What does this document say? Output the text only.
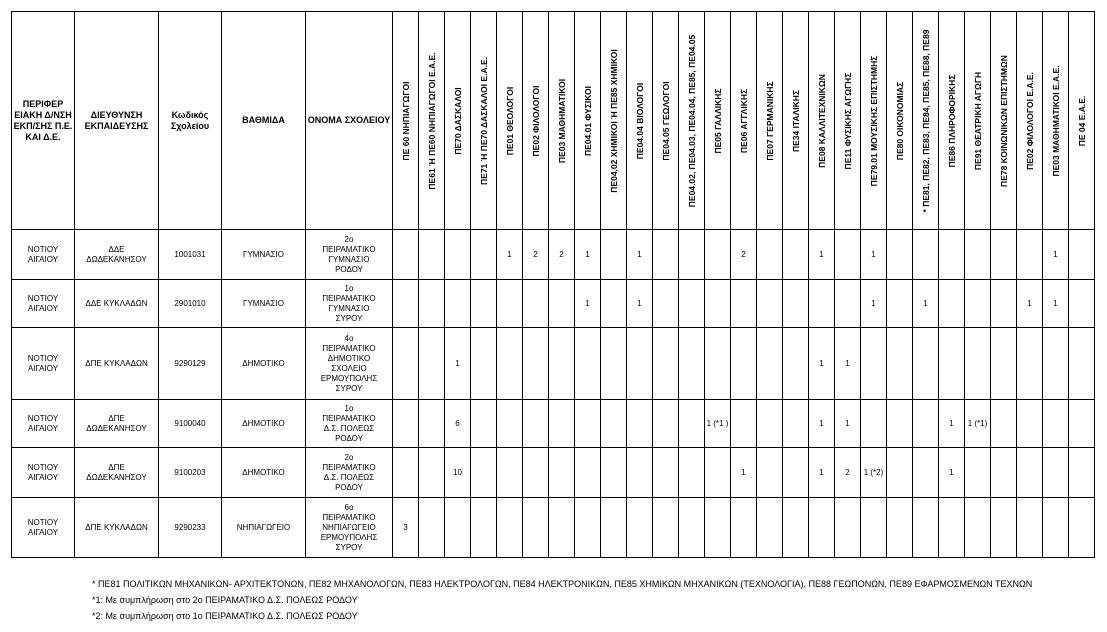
ΠΕΡΙΦΕΡ ΕΙΑΚΗ Δ/ΝΣΗ ΕΚΠ/ΣΗΣ Π.Ε. ΚΑΙ Δ.Ε.	ΔΙΕΥΘΥΝΣΗ ΕΚΠΑΙΔΕΥΣΗΣ	Κωδικός Σχολείου	ΒΑΘΜΙΔΑ	ΟΝΟΜΑ ΣΧΟΛΕΙΟΥ	ΠΕ 60 ΝΗΠΙΑΓΩΓΟΙ	ΠΕ61 Ή ΠΕ60 ΝΗΠΙΑΓΩΓΟΙ Ε.Α.Ε.	ΠΕ70 ΔΑΣΚΑΛΟΙ	ΠΕ71 Ή ΠΕ70 ΔΑΣΚΑΛΟΙ Ε.Α.Ε.	ΠΕ01 ΘΕΟΛΟΓΟΙ	ΠΕ02 ΦΙΛΟΛΟΓΟΙ	ΠΕ03 ΜΑΘΗΜΑΤΙΚΟΙ	ΠΕ04.01 ΦΥΣΙΚΟΙ	ΠΕ04.02 ΧΗΜΙΚΟΙ Ή ΠΕ85 ΧΗΜΙΚΟΙ	ΠΕ04.04 ΒΙΟΛΟΓΟΙ	ΠΕ04.05 ΓΕΩΛΟΓΟΙ	ΠΕ04.02, ΠΕ04.03, ΠΕ04.04, ΠΕ85, ΠΕ04.05	ΠΕ05 ΓΑΛΛΙΚΗΣ	ΠΕ06 ΑΓΓΛΙΚΗΣ	ΠΕ07 ΓΕΡΜΑΝΙΚΗΣ	ΠΕ34 ΙΤΑΛΙΚΗΣ	ΠΕ08 ΚΑΛΛΙΤΕΧΝΙΚΩΝ	ΠΕ11 ΦΥΣΙΚΗΣ ΑΓΩΓΗΣ	ΠΕ79.01 ΜΟΥΣΙΚΗΣ ΕΠΙΣΤΗΜΗΣ	ΠΕ80 ΟΙΚΟΝΟΜΙΑΣ	* ΠΕ81, ΠΕ82, ΠΕ83, ΠΕ84, ΠΕ85, ΠΕ88, ΠΕ89	ΠΕ86 ΠΛΗΡΟΦΟΡΙΚΗΣ	ΠΕ91 ΘΕΑΤΡΙΚΗ ΑΓΩΓΗ	ΠΕ78 ΚΟΙΝΩΝΙΚΩΝ ΕΠΙΣΤΗΜΩΝ	ΠΕ02 ΦΙΛΟΛΟΓΟΙ Ε.Α.Ε.	ΠΕ03 ΜΑΘΗΜΑΤΙΚΟΙ Ε.Α.Ε.	ΠΕ 04 Ε.Α.Ε.

ΝΟΤΙΟΥ ΑΙΓΑΙΟΥ	ΔΔΕ ΔΩΔΕΚΑΝΗΣΟΥ	1001031	ΓΥΜΝΑΣΙΟ	2ο ΠΕΙΡΑΜΑΤΙΚΟ ΓΥΜΝΑΣΙΟ ΡΟΔΟΥ					1	2	2	1		1				2			1		1							1	
ΝΟΤΙΟΥ ΑΙΓΑΙΟΥ	ΔΔΕ ΚΥΚΛΑΔΩΝ	2901010	ΓΥΜΝΑΣΙΟ	1ο ΠΕΙΡΑΜΑΤΙΚΟ ΓΥΜΝΑΣΙΟ ΣΥΡΟΥ								1		1									1		1				1	1	
ΝΟΤΙΟΥ ΑΙΓΑΙΟΥ	ΔΠΕ ΚΥΚΛΑΔΩΝ	9290129	ΔΗΜΟΤΙΚΟ	4ο ΠΕΙΡΑΜΑΤΙΚΟ ΔΗΜΟΤΙΚΟ ΣΧΟΛΕΙΟ ΕΡΜΟΥΠΟΛΗΣ ΣΥΡΟΥ			1														1	1									
ΝΟΤΙΟΥ ΑΙΓΑΙΟΥ	ΔΠΕ ΔΩΔΕΚΑΝΗΣΟΥ	9100040	ΔΗΜΟΤΙΚΟ	1ο ΠΕΙΡΑΜΑΤΙΚΟ Δ.Σ. ΠΟΛΕΩΣ ΡΟΔΟΥ			6										1 (*1 )				1	1				1	1 (*1)				
ΝΟΤΙΟΥ ΑΙΓΑΙΟΥ	ΔΠΕ ΔΩΔΕΚΑΝΗΣΟΥ	9100203	ΔΗΜΟΤΙΚΟ	2ο ΠΕΙΡΑΜΑΤΙΚΟ Δ.Σ. ΠΟΛΕΩΣ ΡΟΔΟΥ			10											1			1	2	1 (*2)			1					
ΝΟΤΙΟΥ ΑΙΓΑΙΟΥ	ΔΠΕ ΚΥΚΛΑΔΩΝ	9290233	ΝΗΠΙΑΓΩΓΕΙΟ	6ο ΠΕΙΡΑΜΑΤΙΚΟ ΝΗΠΙΑΓΩΓΕΙΟ ΕΡΜΟΥΠΟΛΗΣ ΣΥΡΟΥ	3																										
* ΠΕ81 ΠΟΛΙΤΙΚΩΝ ΜΗΧΑΝΙΚΩΝ- ΑΡΧΙΤΕΚΤΟΝΩΝ, ΠΕ82 ΜΗΧΑΝΟΛΟΓΩΝ, ΠΕ83 ΗΛΕΚΤΡΟΛΟΓΩΝ, ΠΕ84 ΗΛΕΚΤΡΟΝΙΚΩΝ, ΠΕ85 ΧΗΜΙΚΩΝ ΜΗΧΑΝΙΚΩΝ (ΤΕΧΝΟΛΟΓΙΑ), ΠΕ88 ΓΕΩΠΟΝΩΝ, ΠΕ89 ΕΦΑΡΜΟΣΜΕΝΩΝ ΤΕΧΝΩΝ
*1: Με συμπλήρωση στο 2ο ΠΕΙΡΑΜΑΤΙΚΟ Δ.Σ. ΠΟΛΕΩΣ ΡΟΔΟΥ
*2: Με συμπλήρωση στο 1ο ΠΕΙΡΑΜΑΤΙΚΟ Δ.Σ. ΠΟΛΕΩΣ ΡΟΔΟΥ
